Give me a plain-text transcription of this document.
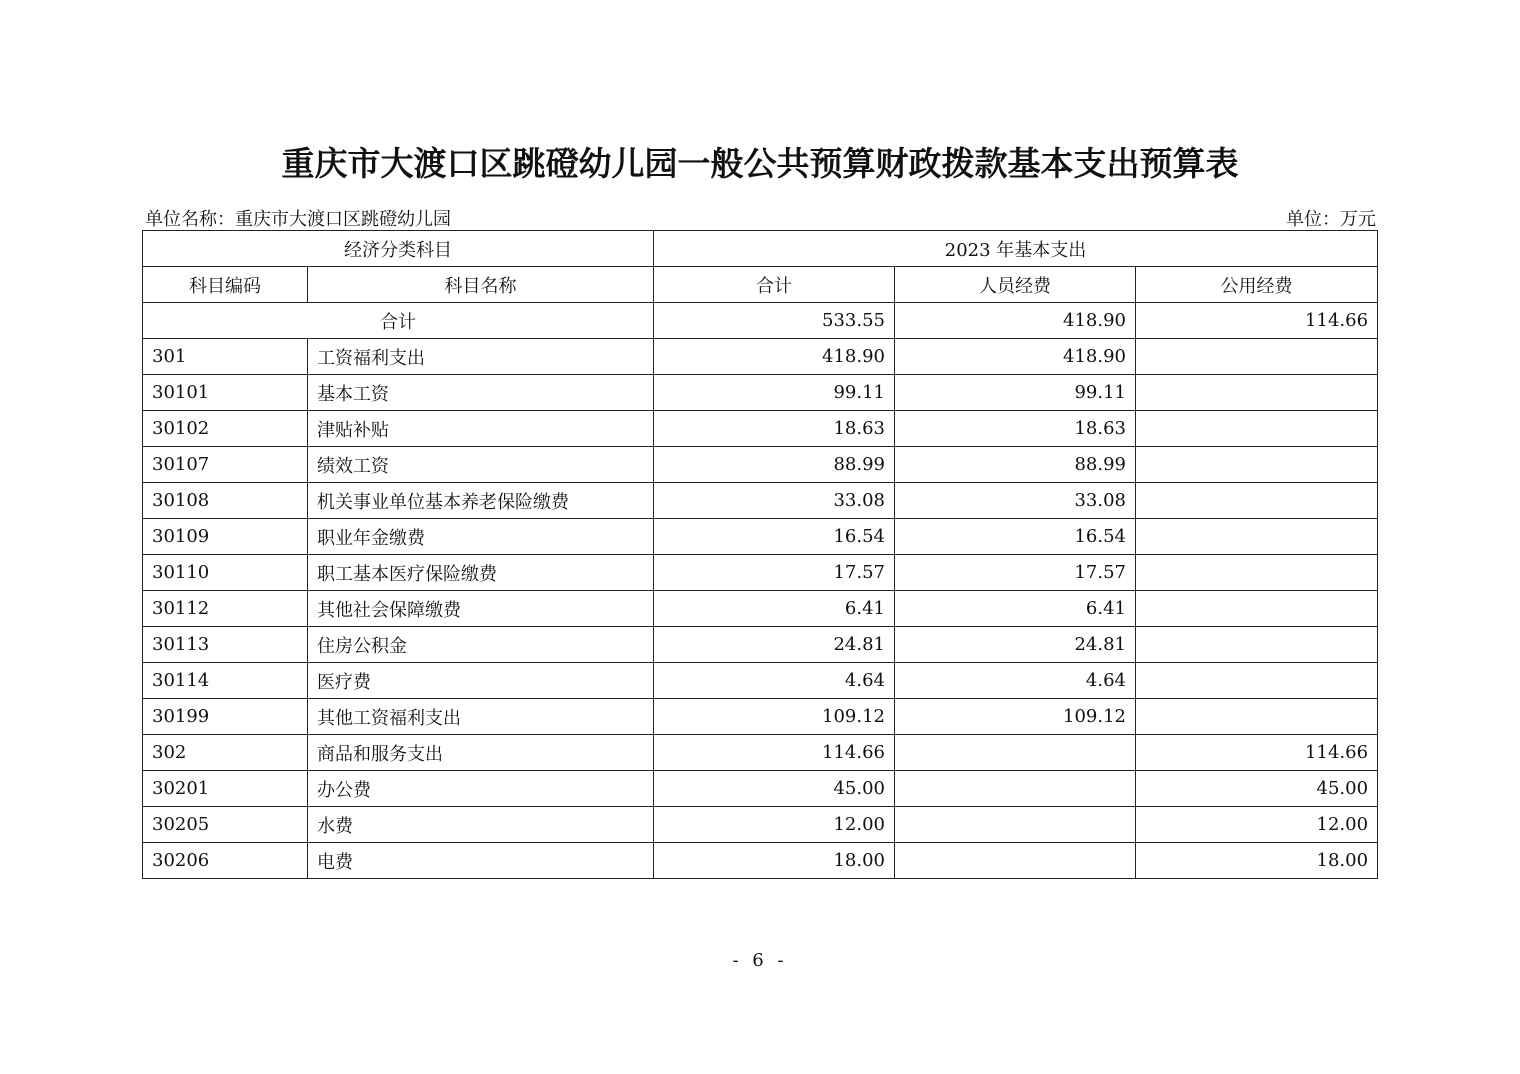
重庆市大渡口区跳磴幼儿园一般公共预算财政拨款基本支出预算表
单位名称：重庆市大渡口区跳磴幼儿园	单位：万元
经济分类科目		2023 年基本支出		
科目编码	科目名称	合计	人员经费	公用经费
合计		533.55	418.90	114.66
301	工资福利支出	418.90	418.90	
30101	基本工资	99.11	99.11	
30102	津贴补贴	18.63	18.63	
30107	绩效工资	88.99	88.99	
30108	机关事业单位基本养老保险缴费	33.08	33.08	
30109	职业年金缴费	16.54	16.54	
30110	职工基本医疗保险缴费	17.57	17.57	
30112	其他社会保障缴费	6.41	6.41	
30113	住房公积金	24.81	24.81	
30114	医疗费	4.64	4.64	
30199	其他工资福利支出	109.12	109.12	
302	商品和服务支出	114.66		114.66
30201	办公费	45.00		45.00
30205	水费	12.00		12.00
30206	电费	18.00		18.00
- 6 -
